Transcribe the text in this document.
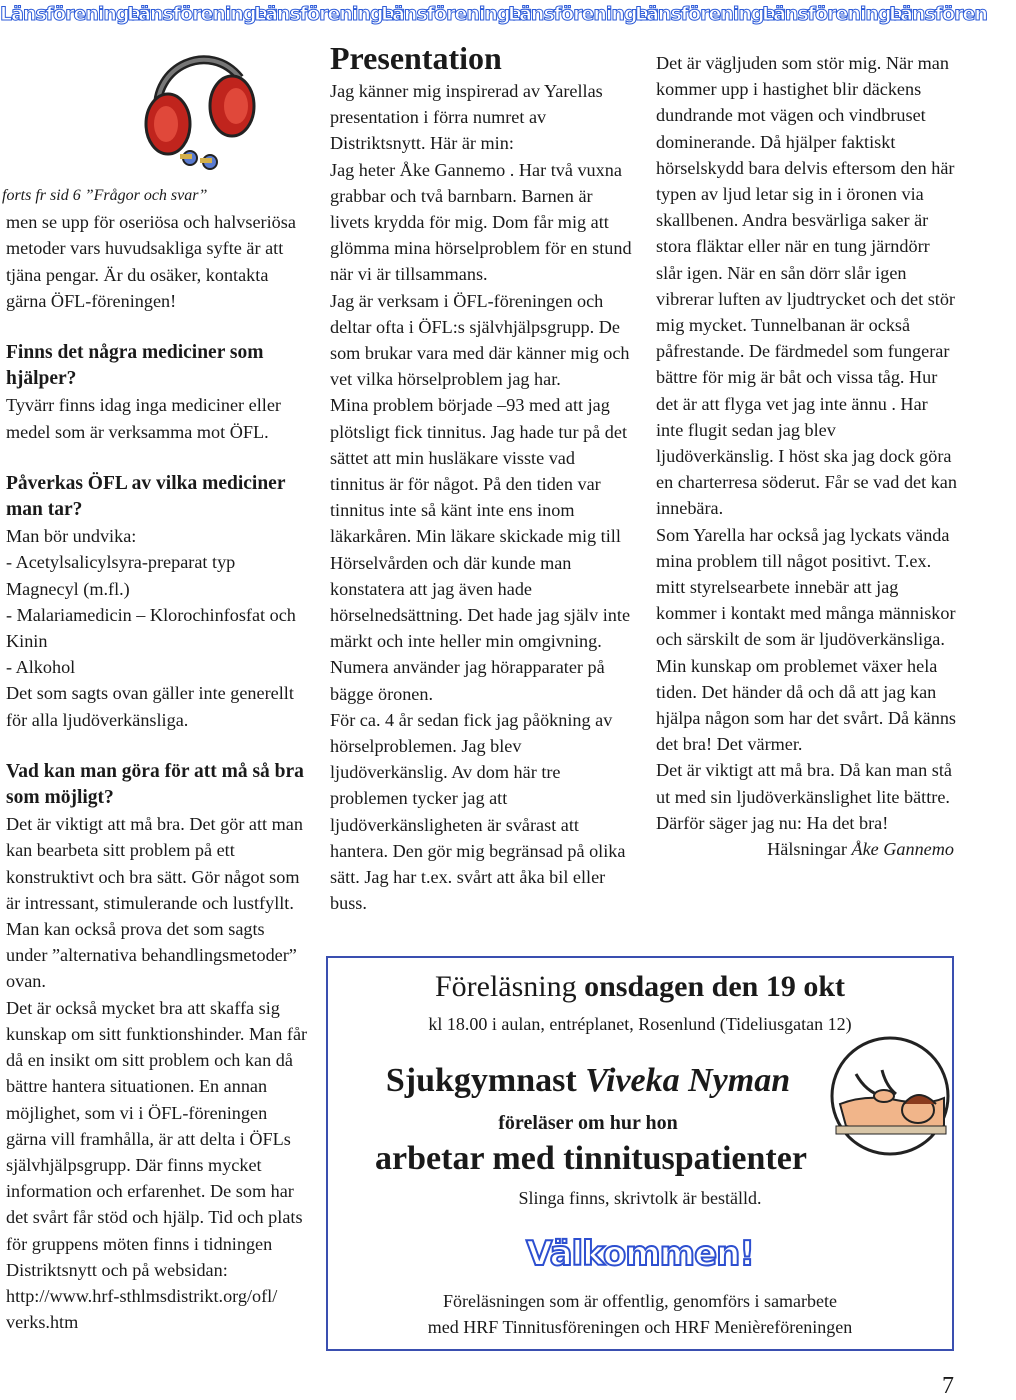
LänsföreningarLänsföreningarLänsföreningarLänsföreningarLänsföreningarLänsföreningarLänsföreningarLänsfören

forts fr sid 6 ”Frågor och svar”

men se upp för oseriösa och halvseriösa metoder vars huvudsakliga syfte är att tjäna pengar. Är du osäker, kontakta gärna ÖFL-föreningen!

Finns det några mediciner som hjälper?

Tyvärr finns idag inga mediciner eller medel som är verksamma mot ÖFL.

Påverkas ÖFL av vilka mediciner man tar?

Man bör undvika:

- Acetylsalicylsyra-preparat typ Magnecyl (m.fl.)

- Malariamedicin – Klorochinfosfat och Kinin

- Alkohol

Det som sagts ovan gäller inte generellt för alla ljudöverkänsliga.

Vad kan man göra för att må så bra som möjligt?

Det är viktigt att må bra. Det gör att man kan bearbeta sitt problem på ett konstruktivt och bra sätt. Gör något som är intressant, stimulerande och lustfyllt. Man kan också prova det som sagts under ”alternativa behandlingsmetoder” ovan.

Det är också mycket bra att skaffa sig kunskap om sitt funktionshinder. Man får då en insikt om sitt problem och kan då bättre hantera situationen. En annan möjlighet, som vi i ÖFL-föreningen gärna vill framhålla, är att delta i ÖFLs självhjälpsgrupp. Där finns mycket information och erfarenhet. De som har det svårt får stöd och hjälp. Tid och plats för gruppens möten finns i tidningen Distriktsnytt och på websidan:

http://www.hrf-sthlmsdistrikt.org/ofl/

verks.htm

Presentation

Jag känner mig inspirerad av Yarellas presentation i förra numret av Distriktsnytt. Här är min:

Jag heter Åke Gannemo . Har två vuxna grabbar och två barnbarn. Barnen är livets krydda för mig. Dom får mig att glömma mina hörselproblem för en stund när vi är tillsammans.

Jag är verksam i ÖFL-föreningen och deltar ofta i ÖFL:s självhjälpsgrupp. De som brukar vara med där känner mig och vet vilka hörselproblem jag har.

Mina problem började –93 med att jag plötsligt fick tinnitus. Jag hade tur på det sättet att min husläkare visste vad tinnitus är för något. På den tiden var tinnitus inte så känt inte ens inom läkarkåren. Min läkare skickade mig till Hörselvården och där kunde man konstatera att jag även hade hörselnedsättning. Det hade jag själv inte märkt och inte heller min omgivning. Numera använder jag hörapparater på bägge öronen.

För ca. 4 år sedan fick jag påökning av hörselproblemen. Jag blev ljudöverkänslig. Av dom här tre problemen tycker jag att ljudöverkänsligheten är svårast att hantera. Den gör mig begränsad på olika sätt. Jag har t.ex. svårt att åka bil eller buss.

Det är vägljuden som stör mig. När man kommer upp i hastighet blir däckens dundrande mot vägen och vindbruset dominerande. Då hjälper faktiskt hörselskydd bara delvis eftersom den här typen av ljud letar sig in i öronen via skallbenen. Andra besvärliga saker är stora fläktar eller när en tung järndörr slår igen. När en sån dörr slår igen vibrerar luften av ljudtrycket och det stör mig mycket. Tunnelbanan är också påfrestande. De färdmedel som fungerar bättre för mig är båt och vissa tåg. Hur det är att flyga vet jag inte ännu . Har inte flugit sedan jag blev ljudöverkänslig. I höst ska jag dock göra en charterresa söderut. Får se vad det kan innebära.

Som Yarella har också jag lyckats vända mina problem till något positivt. T.ex. mitt styrelsearbete innebär att jag kommer i kontakt med många människor och särskilt de som är ljudöverkänsliga. Min kunskap om problemet växer hela tiden. Det händer då och då att jag kan hjälpa någon som har det svårt. Då känns det bra! Det värmer.

Det är viktigt att må bra. Då kan man stå ut med sin ljudöverkänslighet lite bättre. Därför säger jag nu: Ha det bra!

Hälsningar Åke Gannemo

Föreläsning onsdagen den 19 okt
kl 18.00 i aulan, entréplanet, Rosenlund (Tideliusgatan 12)
Sjukgymnast Viveka Nyman
föreläser om hur hon
arbetar med tinnituspatienter
Slinga finns, skrivtolk är beställd.
Välkommen!
Föreläsningen som är offentlig, genomförs i samarbete
med HRF Tinnitusföreningen och HRF Menièreföreningen
7
